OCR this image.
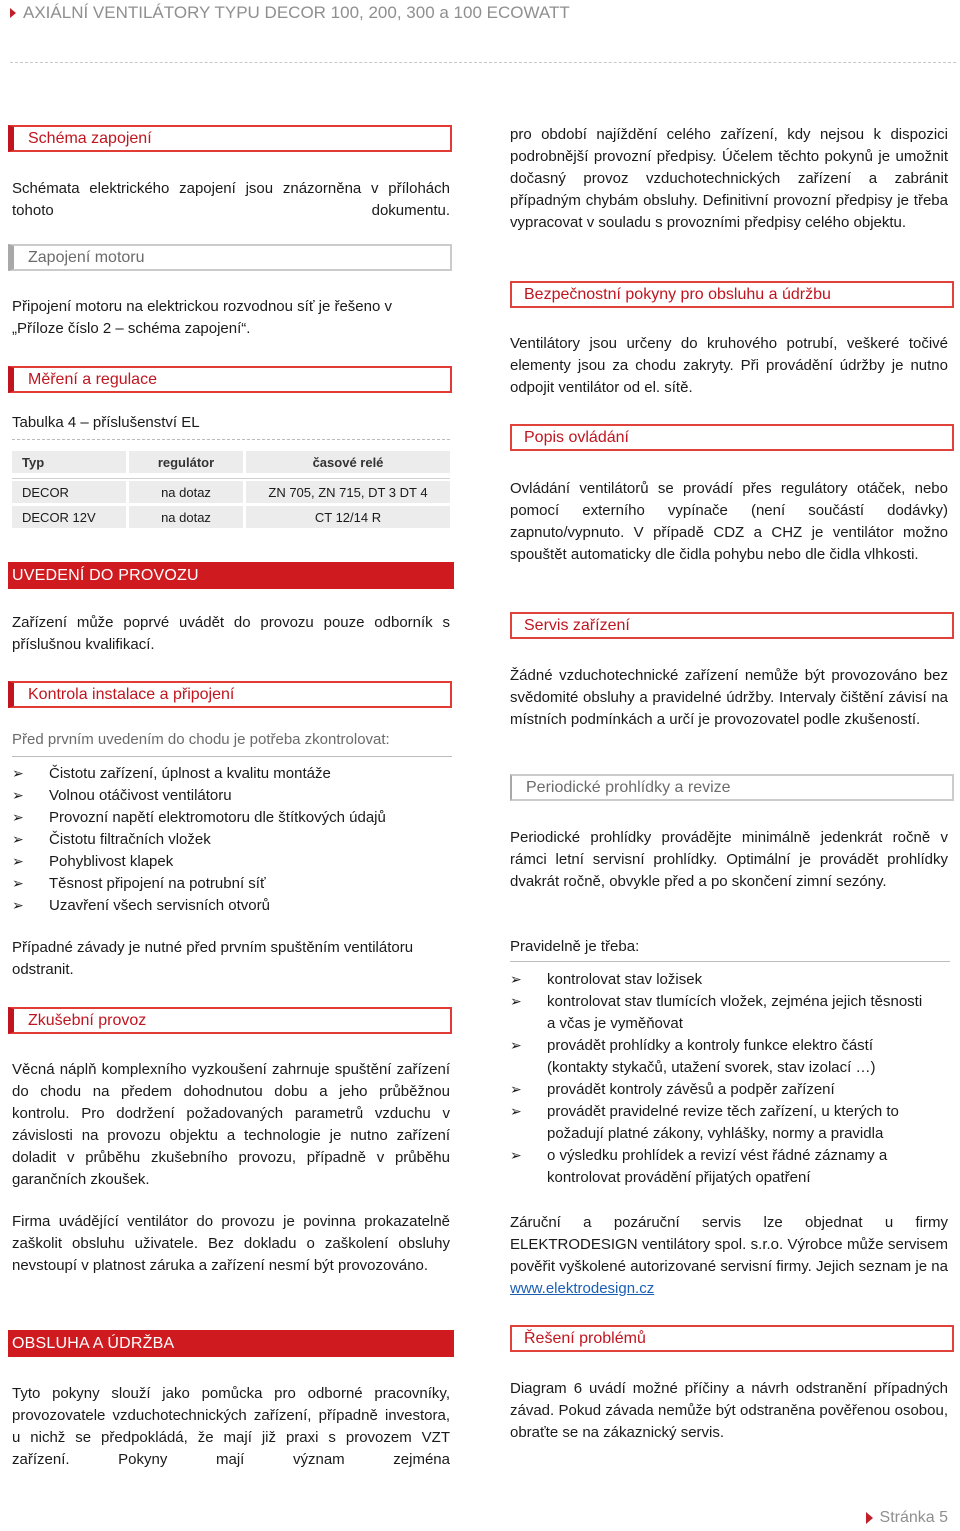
AXIÁLNÍ VENTILÁTORY TYPU DECOR 100, 200, 300 a 100 ECOWATT
Schéma zapojení

Schémata elektrického zapojení jsou znázorněna v přílohách tohoto dokumentu.

Zapojení motoru

Připojení motoru na elektrickou rozvodnou síť je řešeno v
„Příloze číslo 2 – schéma zapojení“.

Měření a regulace
Tabulka 4 – příslušenství EL
Typ	regulátor	časové relé
DECOR	na dotaz	ZN 705, ZN 715, DT 3 DT 4
DECOR 12V	na dotaz	CT 12/14 R
UVEDENÍ DO PROVOZU

Zařízení může poprvé uvádět do provozu pouze odborník s příslušnou kvalifikací.

Kontrola instalace a připojení
Před prvním uvedením do chodu je potřeba zkontrolovat:
➢ Čistotu zařízení, úplnost a kvalitu montáže
➢ Volnou otáčivost ventilátoru
➢ Provozní napětí elektromotoru dle štítkových údajů
➢ Čistotu filtračních vložek
➢ Pohyblivost klapek
➢ Těsnost připojení na potrubní síť
➢ Uzavření všech servisních otvorů

Případné závady je nutné před prvním spuštěním ventilátoru odstranit.

Zkušební provoz

Věcná náplň komplexního vyzkoušení zahrnuje spuštění zařízení do chodu na předem dohodnutou dobu a jeho průběžnou kontrolu. Pro dodržení požadovaných parametrů vzduchu v závislosti na provozu objektu a technologie je nutno zařízení doladit v průběhu zkušebního provozu, případně v průběhu garančních zkoušek.

Firma uvádějící ventilátor do provozu je povinna prokazatelně zaškolit obsluhu uživatele. Bez dokladu o zaškolení obsluhy nevstoupí v platnost záruka a zařízení nesmí být provozováno.

OBSLUHA A ÚDRŽBA

Tyto pokyny slouží jako pomůcka pro odborné pracovníky, provozovatele vzduchotechnických zařízení, případně investora, u nichž se předpokládá, že mají již praxi s provozem VZT zařízení. Pokyny mají význam zejména

pro období najíždění celého zařízení, kdy nejsou k dispozici podrobnější provozní předpisy. Účelem těchto pokynů je umožnit dočasný provoz vzduchotechnických zařízení a zabránit případným chybám obsluhy. Definitivní provozní předpisy je třeba vypracovat v souladu s provozními předpisy celého objektu.

Bezpečnostní pokyny pro obsluhu a údržbu

Ventilátory jsou určeny do kruhového potrubí, veškeré točivé elementy jsou za chodu zakryty. Při provádění údržby je nutno odpojit ventilátor od el. sítě.

Popis ovládání

Ovládání ventilátorů se provádí přes regulátory otáček, nebo pomocí externího vypínače (není součástí dodávky) zapnuto/vypnuto. V případě CDZ a CHZ je ventilátor možno spouštět automaticky dle čidla pohybu nebo dle čidla vlhkosti.

Servis zařízení

Žádné vzduchotechnické zařízení nemůže být provozováno bez svědomité obsluhy a pravidelné údržby. Intervaly čištění závisí na místních podmínkách a určí je provozovatel podle zkušeností.

Periodické prohlídky a revize

Periodické prohlídky provádějte minimálně jedenkrát ročně v rámci letní servisní prohlídky. Optimální je provádět prohlídky dvakrát ročně, obvykle před a po skončení zimní sezóny.

Pravidelně je třeba:
➢ kontrolovat stav ložisek
➢ kontrolovat stav tlumících vložek, zejména jejich těsnosti a včas je vyměňovat
➢ provádět prohlídky a kontroly funkce elektro částí (kontakty stykačů, utažení svorek, stav izolací …)
➢ provádět kontroly závěsů a podpěr zařízení
➢ provádět pravidelné revize těch zařízení, u kterých to požadují platné zákony, vyhlášky, normy a pravidla
➢ o výsledku prohlídek a revizí vést řádné záznamy a kontrolovat provádění přijatých opatření

Záruční a pozáruční servis lze objednat u firmy ELEKTRODESIGN ventilátory spol. s.r.o. Výrobce může servisem pověřit vyškolené autorizované servisní firmy. Jejich seznam je na www.elektrodesign.cz

Řešení problémů

Diagram 6 uvádí možné příčiny a návrh odstranění případných závad. Pokud závada nemůže být odstraněna pověřenou osobou, obraťte se na zákaznický servis.

Stránka 5
